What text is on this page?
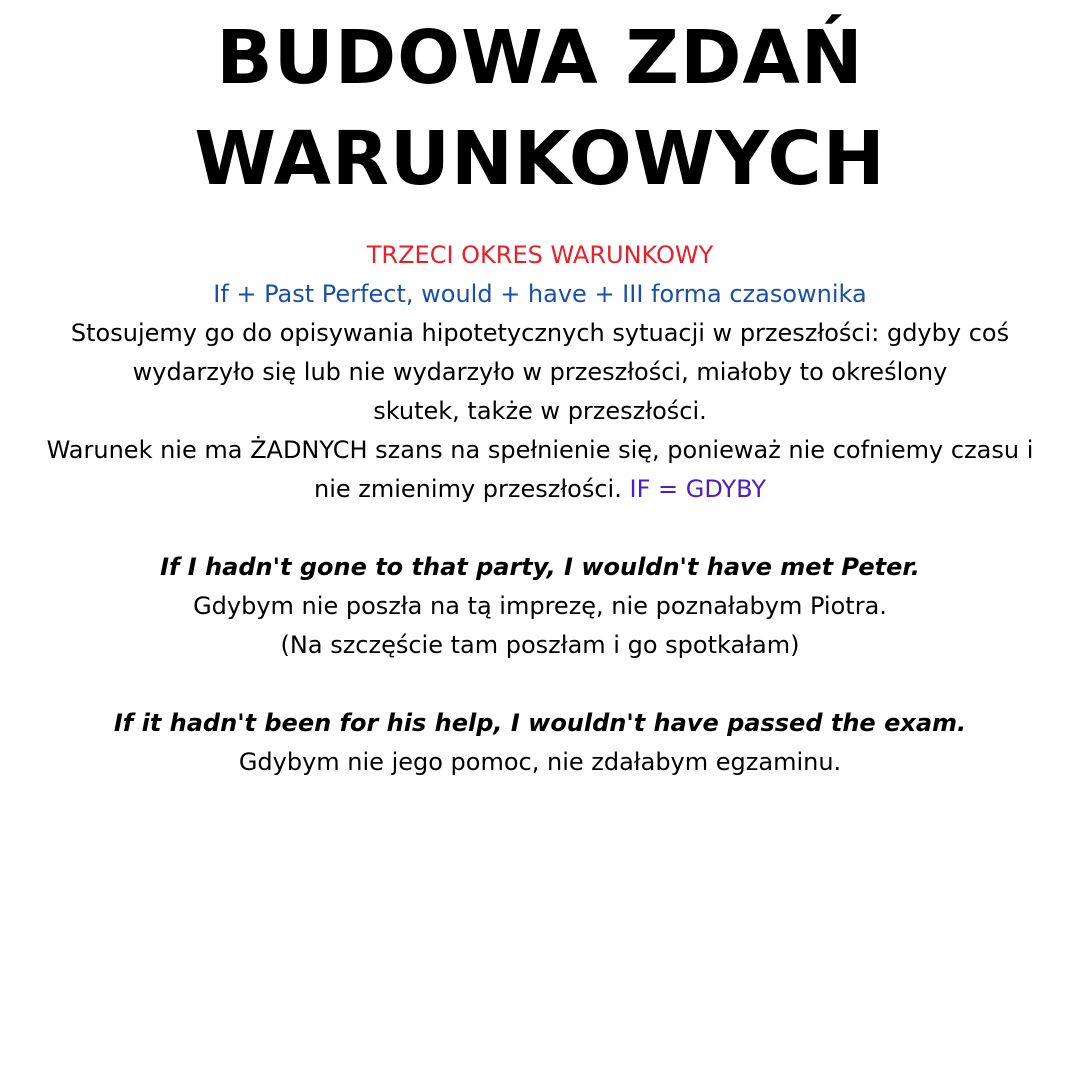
BUDOWA ZDAŃ
WARUNKOWYCH

TRZECI OKRES WARUNKOWY

If + Past Perfect, would + have + III forma czasownika

Stosujemy go do opisywania hipotetycznych sytuacji w przeszłości: gdyby coś

wydarzyło się lub nie wydarzyło w przeszłości, miałoby to określony

skutek, także w przeszłości.

Warunek nie ma ŻADNYCH szans na spełnienie się, ponieważ nie cofniemy czasu i

nie zmienimy przeszłości. IF = GDYBY

If I hadn't gone to that party, I wouldn't have met Peter.

Gdybym nie poszła na tą imprezę, nie poznałabym Piotra.

(Na szczęście tam poszłam i go spotkałam)

If it hadn't been for his help, I wouldn't have passed the exam.

Gdybym nie jego pomoc, nie zdałabym egzaminu.
